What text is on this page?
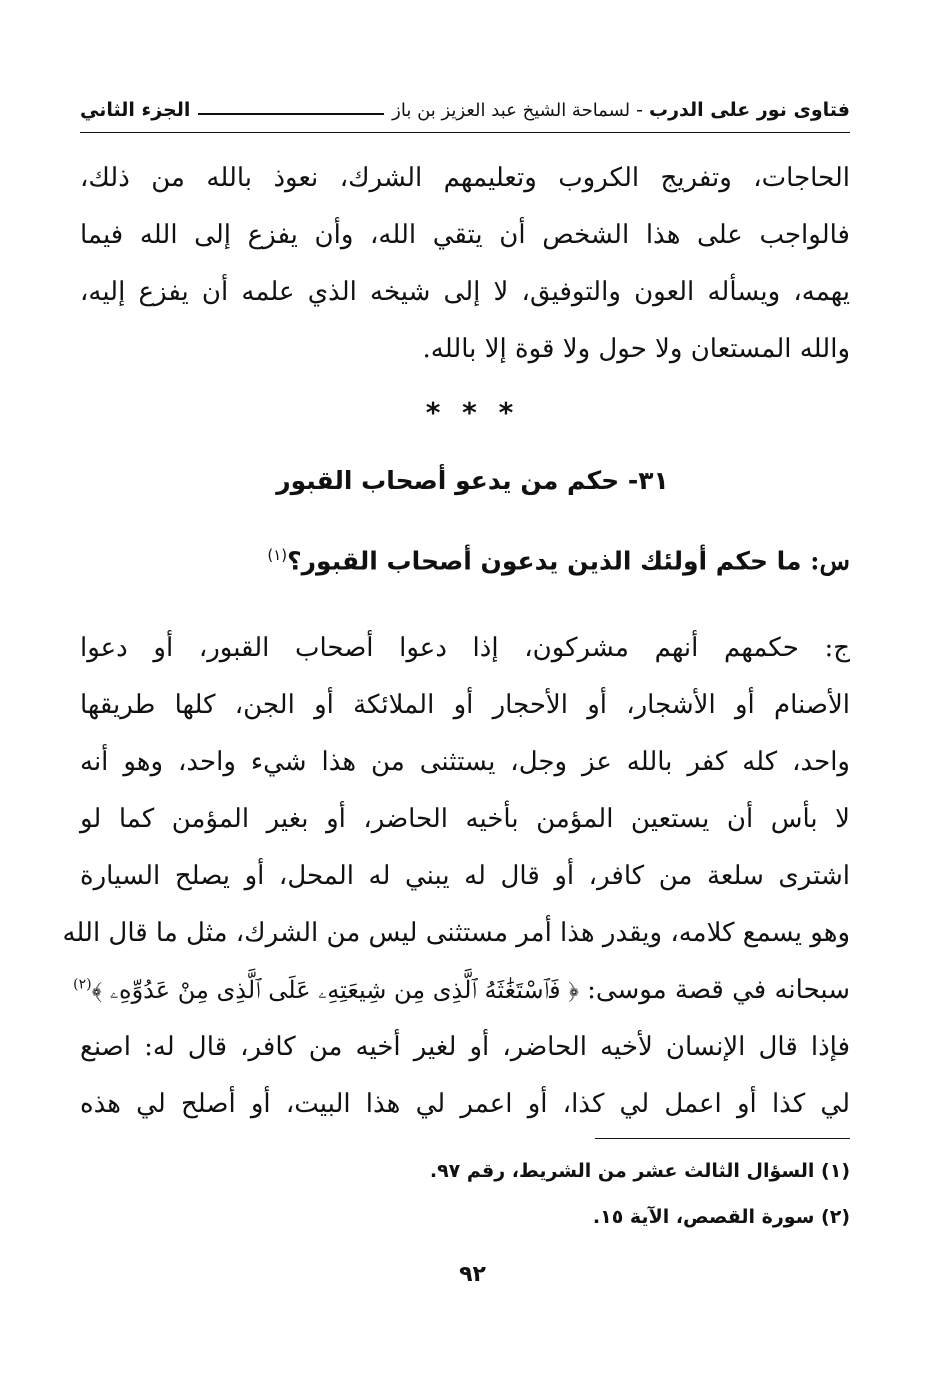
فتاوى نور على الدرب
-
لسماحة الشيخ عبد العزيز بن باز
الجزء الثاني
الحاجات، وتفريج الكروب وتعليمهم الشرك، نعوذ بالله من ذلك،
فالواجب على هذا الشخص أن يتقي الله، وأن يفزع إلى الله فيما
يهمه، ويسأله العون والتوفيق، لا إلى شيخه الذي علمه أن يفزع إليه،
والله المستعان ولا حول ولا قوة إلا بالله.
* * *
٣١- حكم من يدعو أصحاب القبور
س: ما حكم أولئك الذين يدعون أصحاب القبور؟$^{(١)}$
ج: حكمهم أنهم مشركون، إذا دعوا أصحاب القبور، أو دعوا
الأصنام أو الأشجار، أو الأحجار أو الملائكة أو الجن، كلها طريقها
واحد، كله كفر بالله عز وجل، يستثنى من هذا شيء واحد، وهو أنه
لا بأس أن يستعين المؤمن بأخيه الحاضر، أو بغير المؤمن كما لو
اشترى سلعة من كافر، أو قال له يبني له المحل، أو يصلح السيارة
وهو يسمع كلامه، ويقدر هذا أمر مستثنى ليس من الشرك، مثل ما قال الله
سبحانه في قصة موسى: ﴿ فَٱسْتَغَٰثَهُ ٱلَّذِى مِن شِيعَتِهِۦ عَلَى ٱلَّذِى مِنْ عَدُوِّهِۦ ﴾$^{(٢)}$
فإذا قال الإنسان لأخيه الحاضر، أو لغير أخيه من كافر، قال له: اصنع
لي كذا أو اعمل لي كذا، أو اعمر لي هذا البيت، أو أصلح لي هذه
(١) السؤال الثالث عشر من الشريط، رقم ٩٧.
(٢) سورة القصص، الآية ١٥.
٩٢
